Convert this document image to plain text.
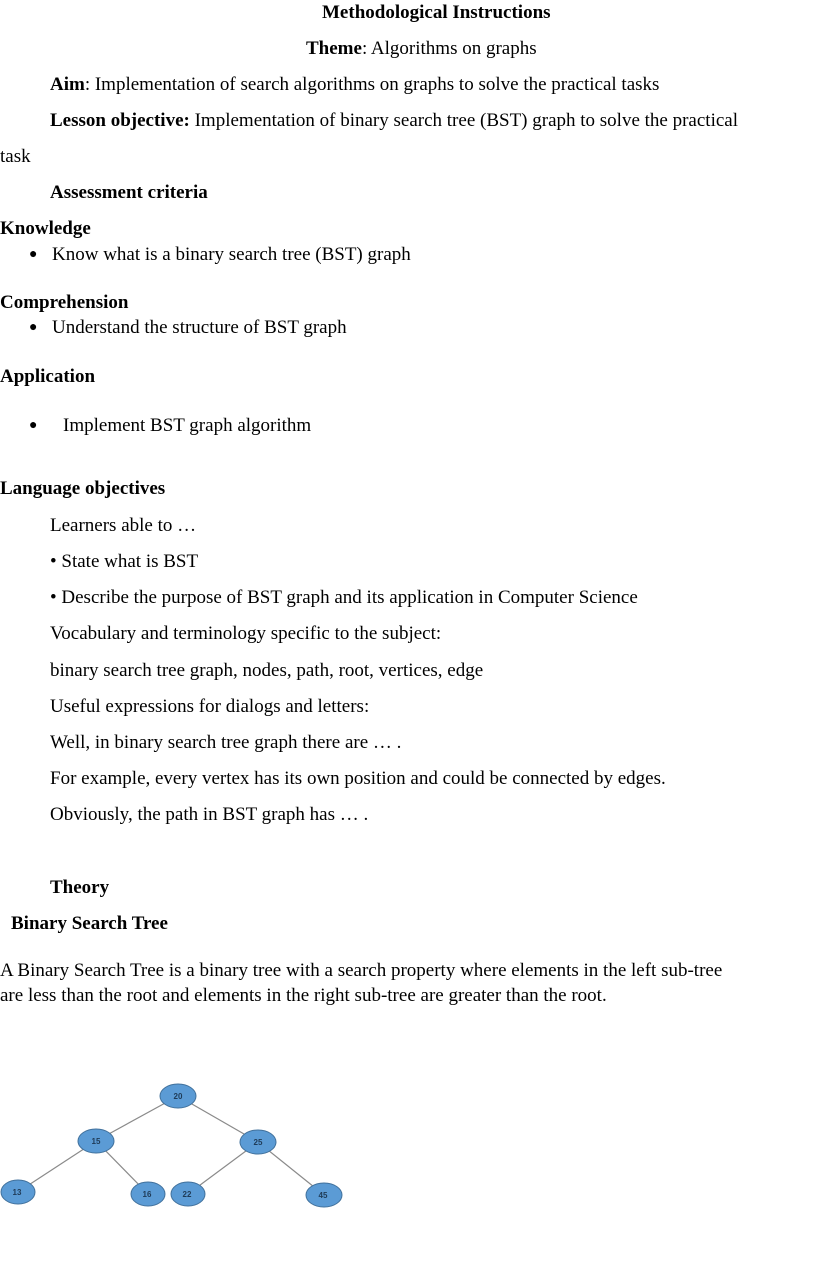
Methodological Instructions
Theme: Algorithms on graphs
Aim: Implementation of search algorithms on graphs to solve the practical tasks
Lesson objective: Implementation of binary search tree (BST) graph to solve the practical
task
Assessment criteria
Knowledge
● Know what is a binary search tree (BST) graph
Comprehension
● Understand the structure of BST graph
Application
● Implement BST graph algorithm
Language objectives
Learners able to …
• State what is BST
• Describe the purpose of BST graph and its application in Computer Science
Vocabulary and terminology specific to the subject:
binary search tree graph, nodes, path, root, vertices, edge
Useful expressions for dialogs and letters:
Well, in binary search tree graph there are … .
For example, every vertex has its own position and could be connected by edges.
Obviously, the path in BST graph has … .
Theory
Binary Search Tree
A Binary Search Tree is a binary tree with a search property where elements in the left sub-tree
are less than the root and elements in the right sub-tree are greater than the root.
20
15	25
13	16	22	45
